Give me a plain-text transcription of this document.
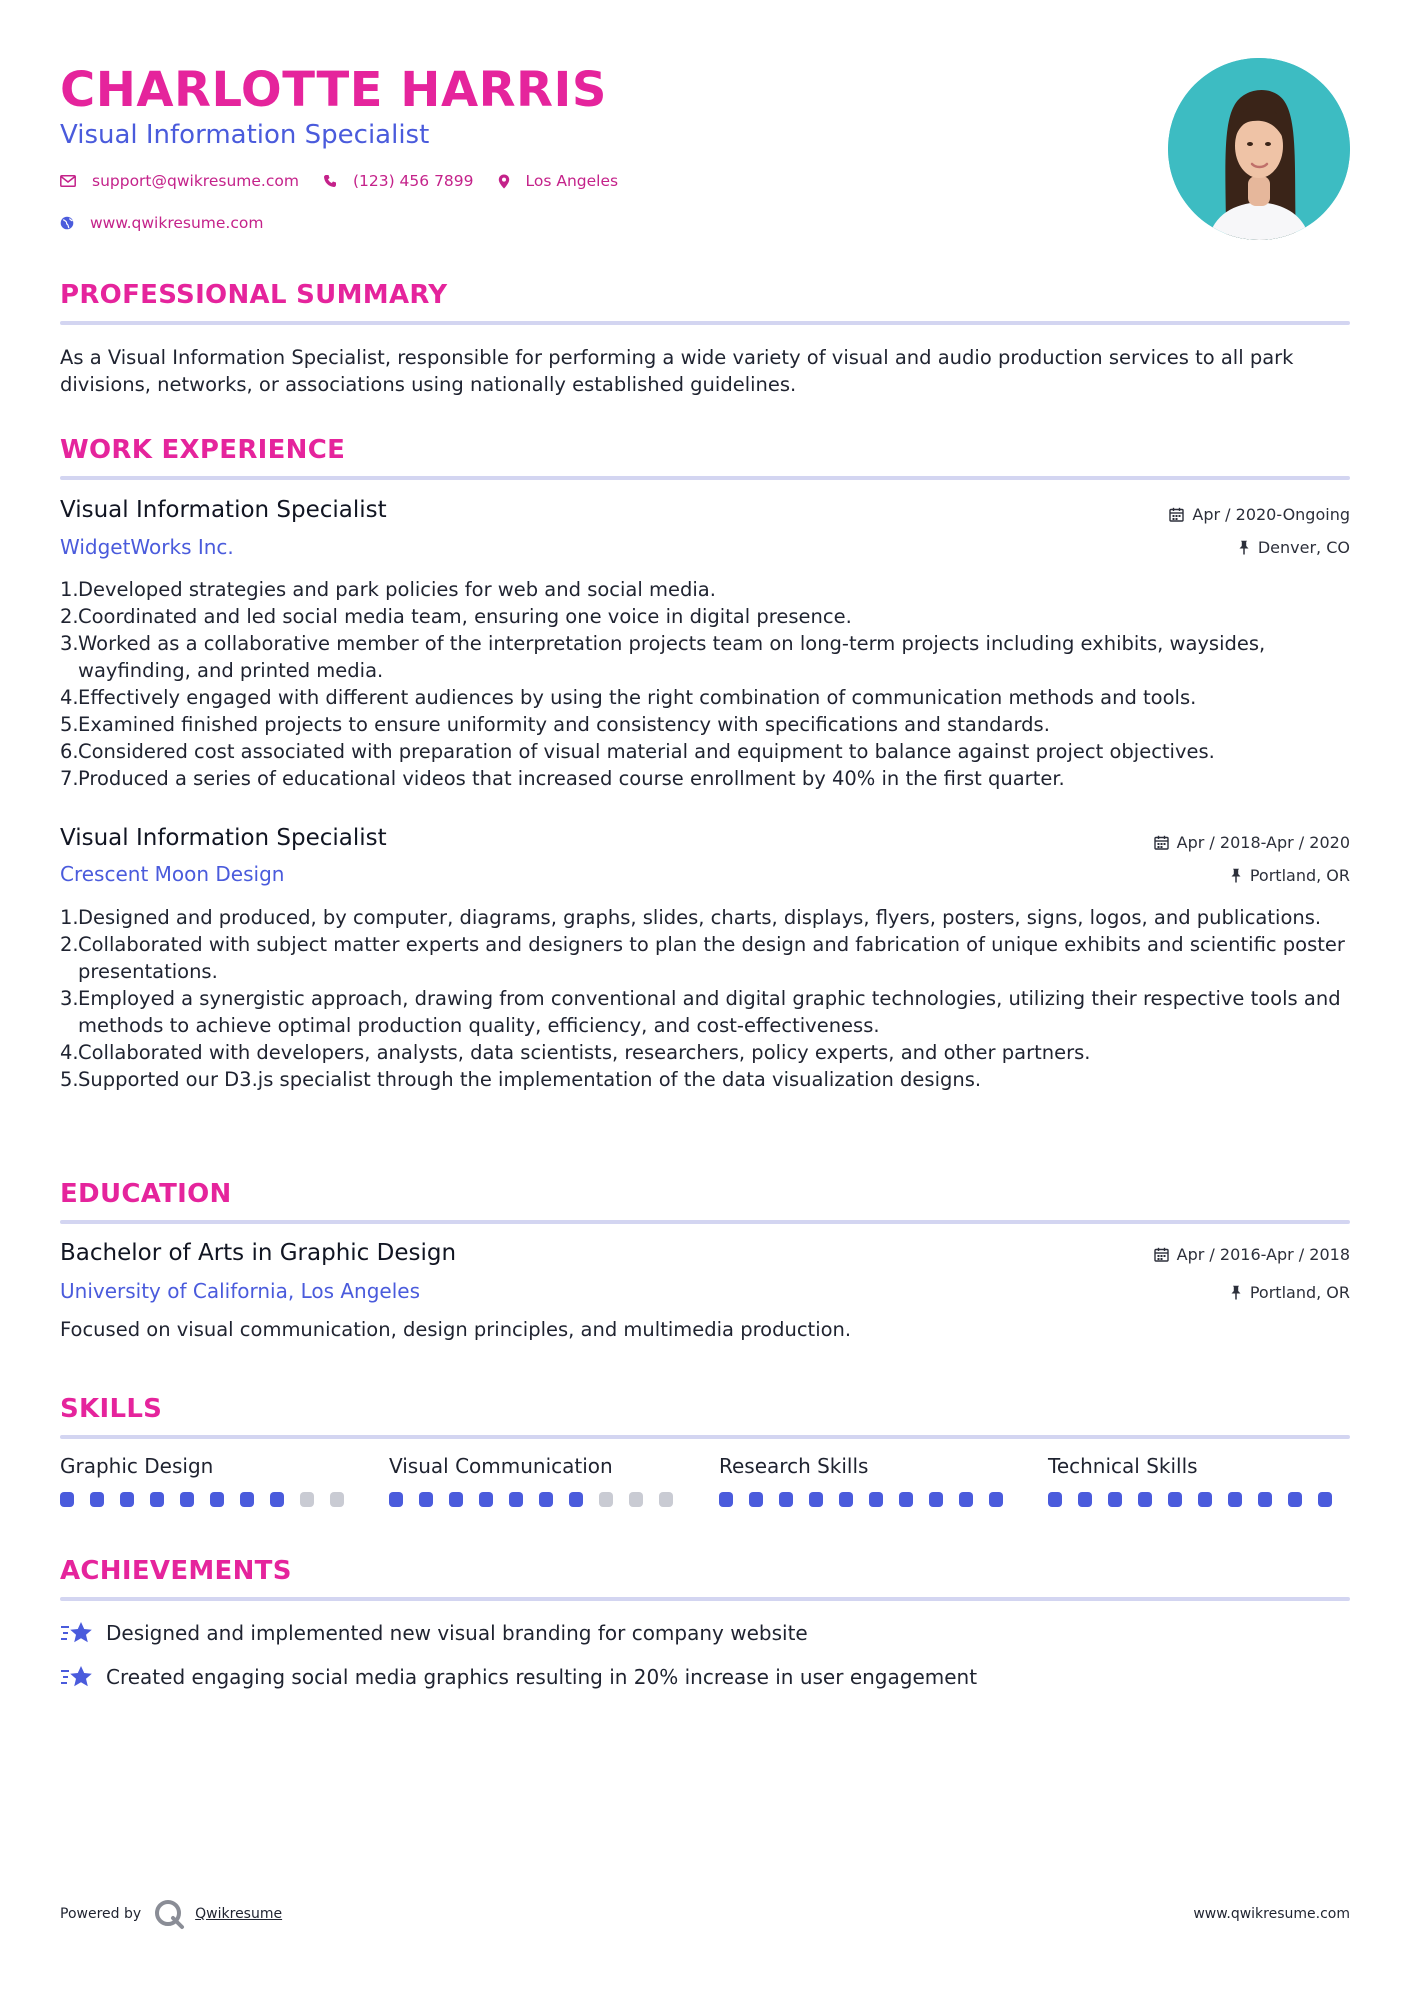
CHARLOTTE HARRIS
Visual Information Specialist
support@qwikresume.com	(123) 456 7899	Los Angeles
www.qwikresume.com
PROFESSIONAL SUMMARY
As a Visual Information Specialist, responsible for performing a wide variety of visual and audio production services to all park divisions, networks, or associations using nationally established guidelines.
WORK EXPERIENCE
Visual Information Specialist	Apr / 2020-Ongoing
WidgetWorks Inc.	Denver, CO
1. Developed strategies and park policies for web and social media.
2. Coordinated and led social media team, ensuring one voice in digital presence.
3. Worked as a collaborative member of the interpretation projects team on long-term projects including exhibits, waysides, wayfinding, and printed media.
4. Effectively engaged with different audiences by using the right combination of communication methods and tools.
5. Examined finished projects to ensure uniformity and consistency with specifications and standards.
6. Considered cost associated with preparation of visual material and equipment to balance against project objectives.
7. Produced a series of educational videos that increased course enrollment by 40% in the first quarter.
Visual Information Specialist	Apr / 2018-Apr / 2020
Crescent Moon Design	Portland, OR
1. Designed and produced, by computer, diagrams, graphs, slides, charts, displays, flyers, posters, signs, logos, and publications.
2. Collaborated with subject matter experts and designers to plan the design and fabrication of unique exhibits and scientific poster presentations.
3. Employed a synergistic approach, drawing from conventional and digital graphic technologies, utilizing their respective tools and methods to achieve optimal production quality, efficiency, and cost-effectiveness.
4. Collaborated with developers, analysts, data scientists, researchers, policy experts, and other partners.
5. Supported our D3.js specialist through the implementation of the data visualization designs.
EDUCATION
Bachelor of Arts in Graphic Design	Apr / 2016-Apr / 2018
University of California, Los Angeles	Portland, OR
Focused on visual communication, design principles, and multimedia production.
SKILLS
Graphic Design	Visual Communication	Research Skills	Technical Skills
ACHIEVEMENTS
Designed and implemented new visual branding for company website
Created engaging social media graphics resulting in 20% increase in user engagement
Powered by	Qwikresume	www.qwikresume.com
